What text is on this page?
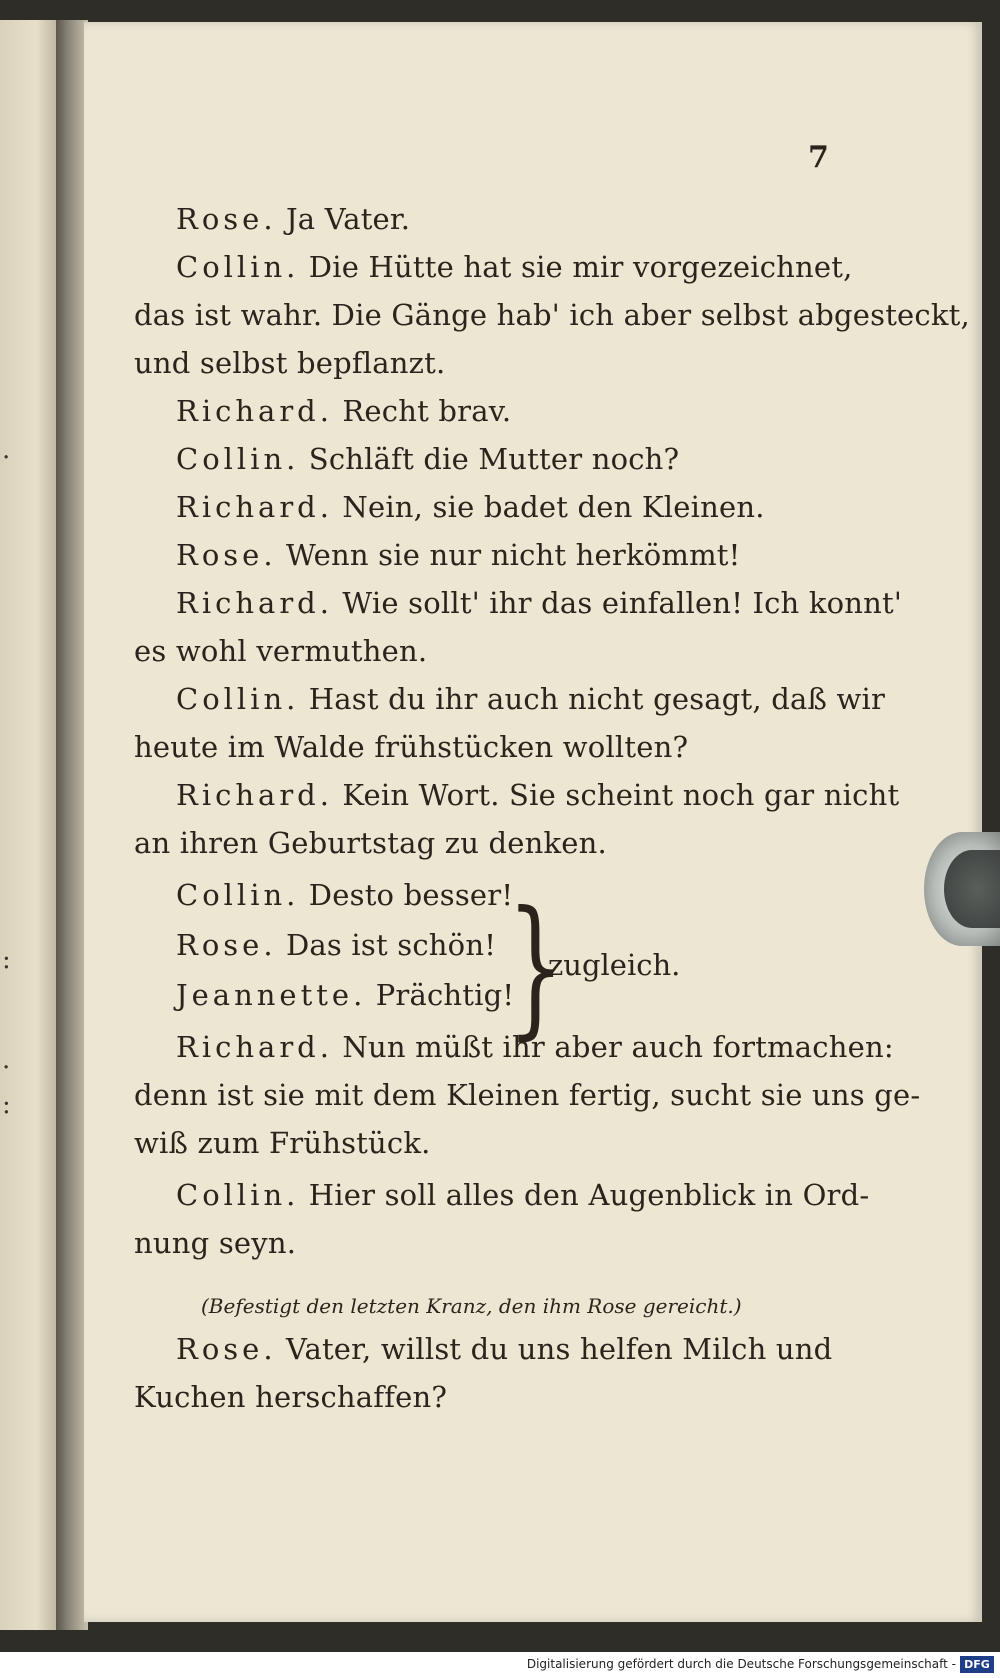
.
:
.
:
7
Rose. Ja Vater.
Collin. Die Hütte hat sie mir vorgezeichnet,
das ist wahr. Die Gänge hab' ich aber selbst abgesteckt,
und selbst bepflanzt.
Richard. Recht brav.
Collin. Schläft die Mutter noch?
Richard. Nein, sie badet den Kleinen.
Rose. Wenn sie nur nicht herkömmt!
Richard. Wie sollt' ihr das einfallen! Ich konnt'
es wohl vermuthen.
Collin. Hast du ihr auch nicht gesagt, daß wir
heute im Walde frühstücken wollten?
Richard. Kein Wort. Sie scheint noch gar nicht
an ihren Geburtstag zu denken.
Collin. Desto besser!
Rose. Das ist schön!
Jeannette. Prächtig!
}
zugleich.
Richard. Nun müßt ihr aber auch fortmachen:
denn ist sie mit dem Kleinen fertig, sucht sie uns ge-
wiß zum Frühstück.
Collin. Hier soll alles den Augenblick in Ord-
nung seyn.
(Befestigt den letzten Kranz, den ihm Rose gereicht.)
Rose. Vater, willst du uns helfen Milch und
Kuchen herschaffen?
Digitalisierung gefördert durch die Deutsche Forschungsgemeinschaft - DFG
